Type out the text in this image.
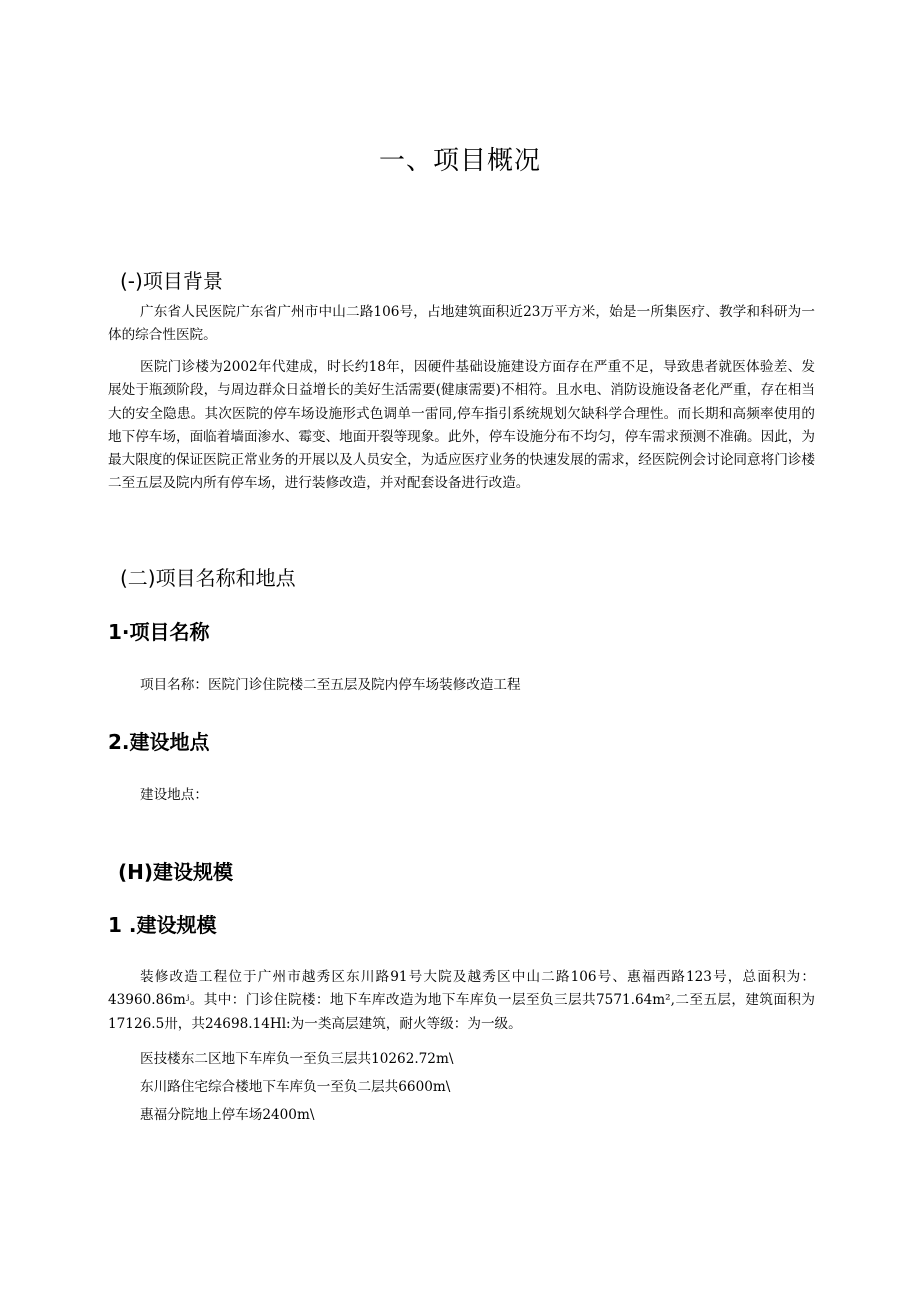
一、项目概况
(-)项目背景

广东省人民医院广东省广州市中山二路106号，占地建筑面积近23万平方米，始是一所集医疗、教学和科研为一体的综合性医院。

医院门诊楼为2002年代建成，时长约18年，因硬件基础设施建设方面存在严重不足，导致患者就医体验差、发展处于瓶颈阶段，与周边群众日益增长的美好生活需要(健康需要)不相符。且水电、消防设施设备老化严重，存在相当大的安全隐患。其次医院的停车场设施形式色调单一雷同,停车指引系统规划欠缺科学合理性。而长期和高频率使用的地下停车场，面临着墙面渗水、霉变、地面开裂等现象。此外，停车设施分布不均匀，停车需求预测不准确。因此，为最大限度的保证医院正常业务的开展以及人员安全，为适应医疗业务的快速发展的需求，经医院例会讨论同意将门诊楼二至五层及院内所有停车场，进行装修改造，并对配套设备进行改造。

(二)项目名称和地点
1·项目名称
项目名称：医院门诊住院楼二至五层及院内停车场装修改造工程
2.建设地点
建设地点：
(H)建设规模
1 .建设规模

装修改造工程位于广州市越秀区东川路91号大院及越秀区中山二路106号、惠福西路123号，总面积为：43960.86mʲ。其中：门诊住院楼：地下车库改造为地下车库负一层至负三层共7571.64m²,二至五层，建筑面积为17126.5卅，共24698.14Hl:为一类高层建筑，耐火等级：为一级。

医技楼东二区地下车库负一至负三层共10262.72m\
东川路住宅综合楼地下车库负一至负二层共6600m\
惠福分院地上停车场2400m\
